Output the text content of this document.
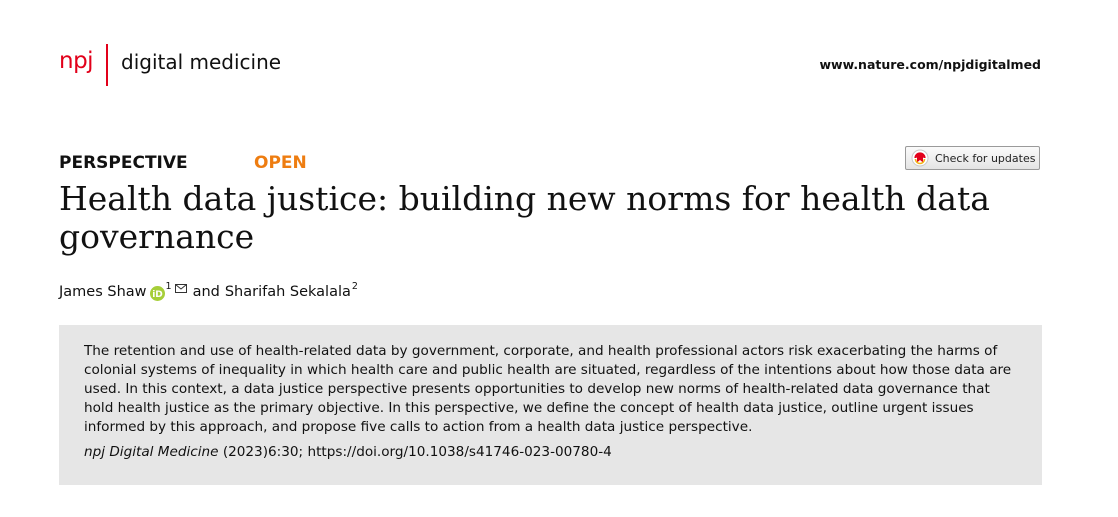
npj digital medicine	www.nature.com/npjdigitalmed
PERSPECTIVE	OPEN	Check for updates
Health data justice: building new norms for health data governance
James Shaw iD
1 and Sharifah Sekalala 2

The retention and use of health-related data by government, corporate, and health professional actors risk exacerbating the harms of colonial systems of inequality in which health care and public health are situated, regardless of the intentions about how those data are used. In this context, a data justice perspective presents opportunities to develop new norms of health-related data governance that hold health justice as the primary objective. In this perspective, we define the concept of health data justice, outline urgent issues informed by this approach, and propose five calls to action from a health data justice perspective.

npj Digital Medicine (2023)6:30; https://doi.org/10.1038/s41746-023-00780-4
